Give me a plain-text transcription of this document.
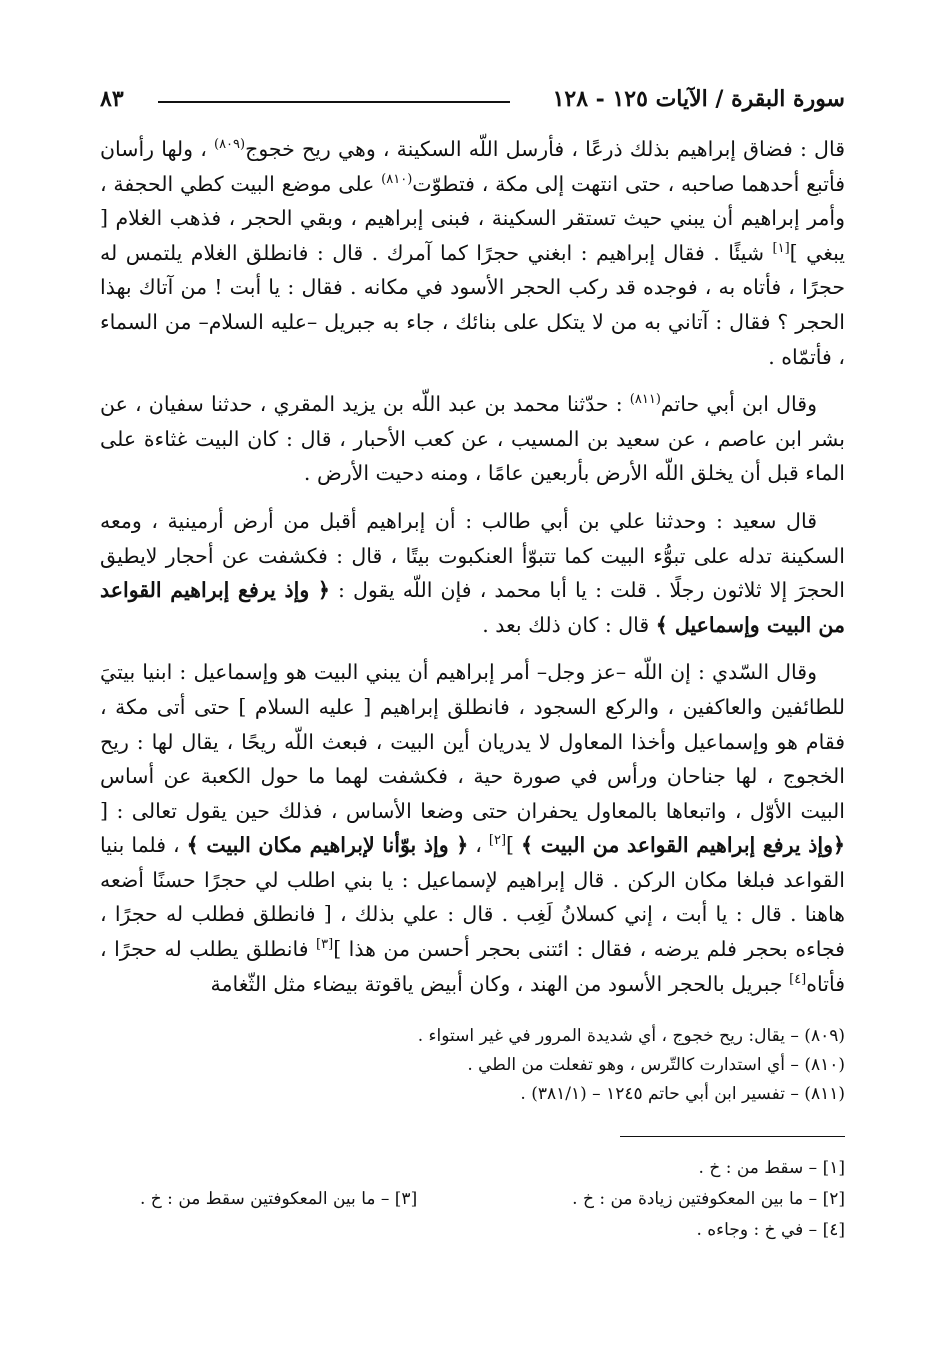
سورة البقرة / الآيات ١٢٥ - ١٢٨
٨٣

قال : فضاق إبراهيم بذلك ذرعًا ، فأرسل اللّه السكينة ، وهي ريح خجوج$^{(٨٠٩)}$ ، ولها رأسان فأتبع أحدهما صاحبه ، حتى انتهت إلى مكة ، فتطوّت$^{(٨١٠)}$ على موضع البيت كطي الحجفة ، وأمر إبراهيم أن يبني حيث تستقر السكينة ، فبنى إبراهيم ، وبقي الحجر ، فذهب الغلام [ يبغي ][١] شيئًا . فقال إبراهيم : ابغني حجرًا كما آمرك . قال : فانطلق الغلام يلتمس له حجرًا ، فأتاه به ، فوجده قد ركب الحجر الأسود في مكانه . فقال : يا أبت ! من آتاك بهذا الحجر ؟ فقال : آتاني به من لا يتكل على بنائك ، جاء به جبريل –عليه السلام– من السماء ، فأتمّاه .

وقال ابن أبي حاتم$^{(٨١١)}$ : حدّثنا محمد بن عبد اللّه بن يزيد المقري ، حدثنا سفيان ، عن بشر ابن عاصم ، عن سعيد بن المسيب ، عن كعب الأحبار ، قال : كان البيت غثاءة على الماء قبل أن يخلق اللّه الأرض بأربعين عامًا ، ومنه دحيت الأرض .

قال سعيد : وحدثنا علي بن أبي طالب : أن إبراهيم أقبل من أرض أرمينية ، ومعه السكينة تدله على تبوُّء البيت كما تتبوّأ العنكبوت بيتًا ، قال : فكشفت عن أحجار لايطيق الحجرَ إلا ثلاثون رجلًا . قلت : يا أبا محمد ، فإن اللّه يقول : ﴿ وإذ يرفع إبراهيم القواعد من البيت وإسماعيل ﴾ قال : كان ذلك بعد .

وقال السّدي : إن اللّه –عز وجل– أمر إبراهيم أن يبني البيت هو وإسماعيل : ابنيا بيتيَ للطائفين والعاكفين ، والركع السجود ، فانطلق إبراهيم [ عليه السلام ] حتى أتى مكة ، فقام هو وإسماعيل وأخذا المعاول لا يدريان أين البيت ، فبعث اللّه ريحًا ، يقال لها : ريح الخجوج ، لها جناحان ورأس في صورة حية ، فكشفت لهما ما حول الكعبة عن أساس البيت الأوّل ، واتبعاها بالمعاول يحفران حتى وضعا الأساس ، فذلك حين يقول تعالى : [ ﴿وإذ يرفع إبراهيم القواعد من البيت ﴾ ][٢] ، ﴿ وإذ بوّأنا لإبراهيم مكان البيت ﴾ ، فلما بنيا القواعد فبلغا مكان الركن . قال إبراهيم لإسماعيل : يا بني اطلب لي حجرًا حسنًا أضعه هاهنا . قال : يا أبت ، إني كسلانُ لَغِب . قال : علي بذلك ، [ فانطلق فطلب له حجرًا ، فجاءه بحجر فلم يرضه ، فقال : ائتنى بحجر أحسن من هذا ][٣] فانطلق يطلب له حجرًا ، فأتاه[٤] جبريل بالحجر الأسود من الهند ، وكان أبيض ياقوتة بيضاء مثل الثّغامة

(٨٠٩) – يقال: ريح خجوج ، أي شديدة المرور في غير استواء .
(٨١٠) – أي استدارت كالتّرس ، وهو تفعلت من الطي .
(٨١١) – تفسير ابن أبي حاتم ١٢٤٥ – (٣٨١/١) .
[١] – سقط من : خ .
[٢] – ما بين المعكوفتين زيادة من : خ .
[٣] – ما بين المعكوفتين سقط من : خ .
[٤] – في خ : وجاءه .
